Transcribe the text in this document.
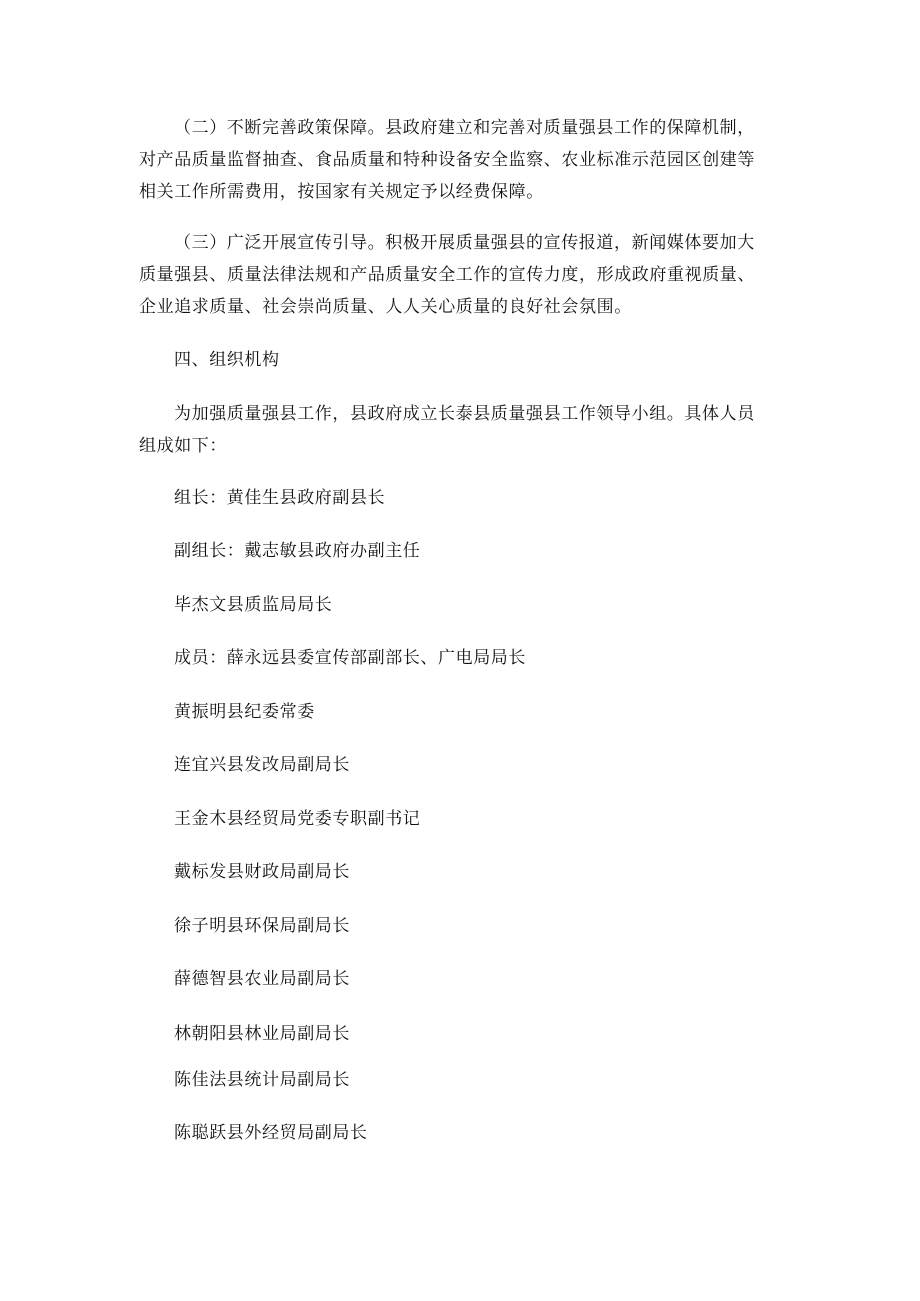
（二）不断完善政策保障。县政府建立和完善对质量强县工作的保障机制，
对产品质量监督抽查、食品质量和特种设备安全监察、农业标准示范园区创建等
相关工作所需费用，按国家有关规定予以经费保障。
（三）广泛开展宣传引导。积极开展质量强县的宣传报道，新闻媒体要加大
质量强县、质量法律法规和产品质量安全工作的宣传力度，形成政府重视质量、
企业追求质量、社会崇尚质量、人人关心质量的良好社会氛围。
四、组织机构
为加强质量强县工作，县政府成立长泰县质量强县工作领导小组。具体人员
组成如下：
组长：黄佳生县政府副县长
副组长：戴志敏县政府办副主任
毕杰文县质监局局长
成员：薛永远县委宣传部副部长、广电局局长
黄振明县纪委常委
连宜兴县发改局副局长
王金木县经贸局党委专职副书记
戴标发县财政局副局长
徐子明县环保局副局长
薛德智县农业局副局长
林朝阳县林业局副局长
陈佳法县统计局副局长
陈聪跃县外经贸局副局长
